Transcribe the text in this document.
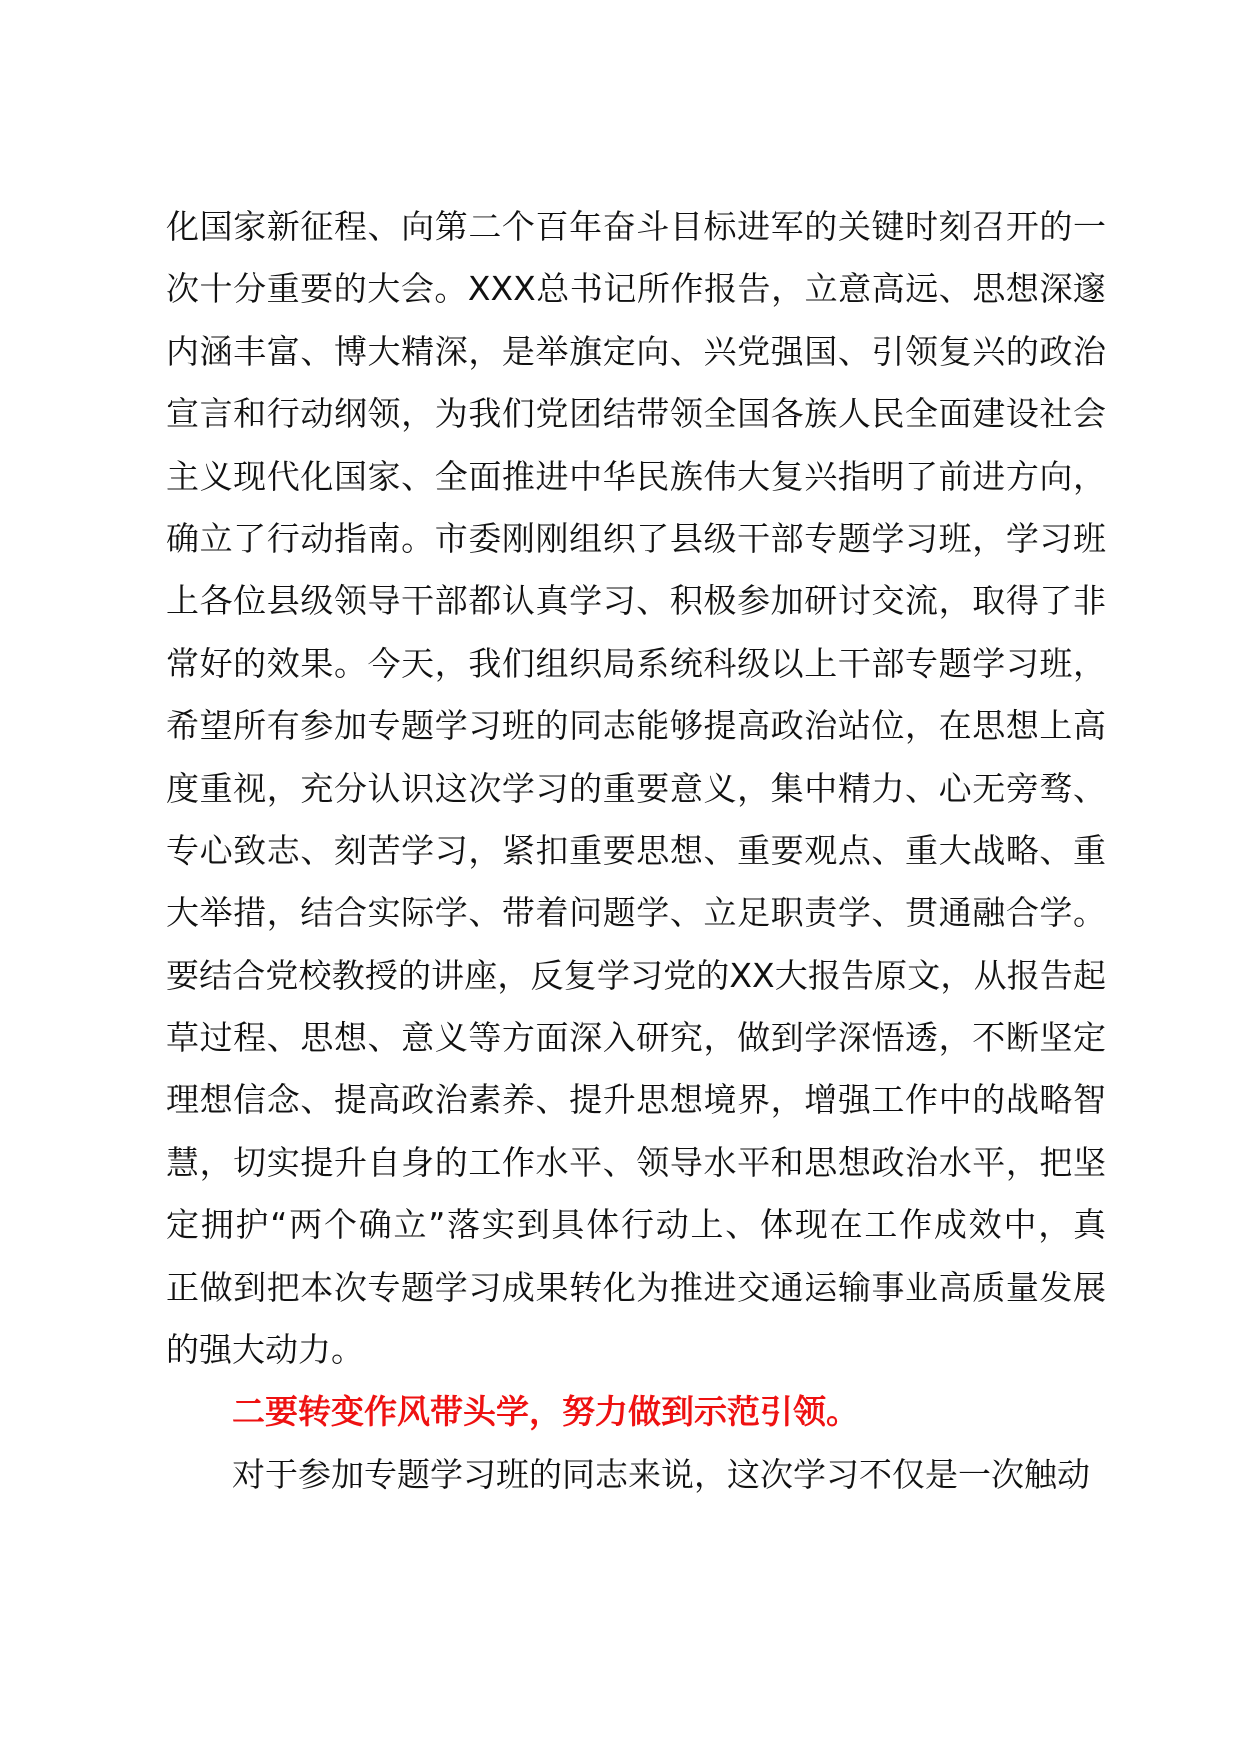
化国家新征程、向第二个百年奋斗目标进军的关键时刻召开的一
次十分重要的大会。XXX总书记所作报告，立意高远、思想深邃
内涵丰富、博大精深，是举旗定向、兴党强国、引领复兴的政治
宣言和行动纲领，为我们党团结带领全国各族人民全面建设社会
主义现代化国家、全面推进中华民族伟大复兴指明了前进方向，
确立了行动指南。市委刚刚组织了县级干部专题学习班，学习班
上各位县级领导干部都认真学习、积极参加研讨交流，取得了非
常好的效果。今天，我们组织局系统科级以上干部专题学习班，
希望所有参加专题学习班的同志能够提高政治站位，在思想上高
度重视，充分认识这次学习的重要意义，集中精力、心无旁骛、
专心致志、刻苦学习，紧扣重要思想、重要观点、重大战略、重
大举措，结合实际学、带着问题学、立足职责学、贯通融合学。
要结合党校教授的讲座，反复学习党的XX大报告原文，从报告起
草过程、思想、意义等方面深入研究，做到学深悟透，不断坚定
理想信念、提高政治素养、提升思想境界，增强工作中的战略智
慧，切实提升自身的工作水平、领导水平和思想政治水平，把坚
定拥护“两个确立”落实到具体行动上、体现在工作成效中，真
正做到把本次专题学习成果转化为推进交通运输事业高质量发展
的强大动力。
二要转变作风带头学，努力做到示范引领。
对于参加专题学习班的同志来说，这次学习不仅是一次触动
